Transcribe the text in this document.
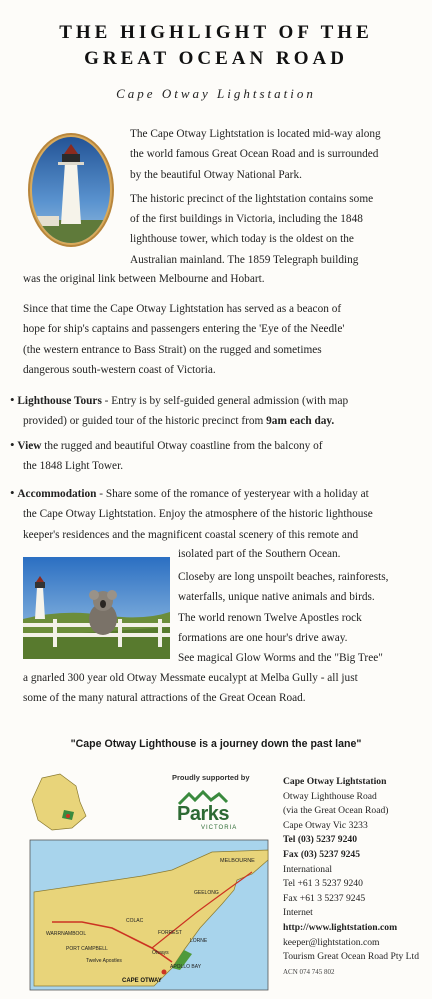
THE HIGHLIGHT OF THE
GREAT OCEAN ROAD
Cape Otway Lightstation
The Cape Otway Lightstation is located mid-way along
the world famous Great Ocean Road and is surrounded
by the beautiful Otway National Park.
The historic precinct of the lightstation contains some
of the first buildings in Victoria, including the 1848
lighthouse tower, which today is the oldest on the
Australian mainland. The 1859 Telegraph building
was the original link between Melbourne and Hobart.
Since that time the Cape Otway Lightstation has served as a beacon of
hope for ship's captains and passengers entering the 'Eye of the Needle'
(the western entrance to Bass Strait) on the rugged and sometimes
dangerous south-western coast of Victoria.
• Lighthouse Tours - Entry is by self-guided general admission (with map
provided) or guided tour of the historic precinct from 9am each day.
• View the rugged and beautiful Otway coastline from the balcony of
the 1848 Light Tower.
• Accommodation - Share some of the romance of yesteryear with a holiday at
the Cape Otway Lightstation. Enjoy the atmosphere of the historic lighthouse
keeper's residences and the magnificent coastal scenery of this remote and
isolated part of the Southern Ocean.
Closeby are long unspoilt beaches, rainforests,
waterfalls, unique native animals and birds.
The world renown Twelve Apostles rock
formations are one hour's drive away.
See magical Glow Worms and the "Big Tree"
a gnarled 300 year old Otway Messmate eucalypt at Melba Gully - all just
some of the many natural attractions of the Great Ocean Road.
"Cape Otway Lighthouse is a journey down the past lane"
Proudly supported by
Parks
VICTORIA
MELBOURNE
GEELONG
COLAC
FORREST
LORNE
WARRNAMBOOL
PORT CAMPBELL
Twelve Apostles
APOLLO BAY
CAPE OTWAY
Otways
Cape Otway Lightstation
Otway Lighthouse Road
(via the Great Ocean Road)
Cape Otway Vic 3233
Tel (03) 5237 9240
Fax (03) 5237 9245
International
Tel +61 3 5237 9240
Fax +61 3 5237 9245
Internet
http://www.lightstation.com
keeper@lightstation.com
Tourism Great Ocean Road Pty Ltd
ACN 074 745 802
